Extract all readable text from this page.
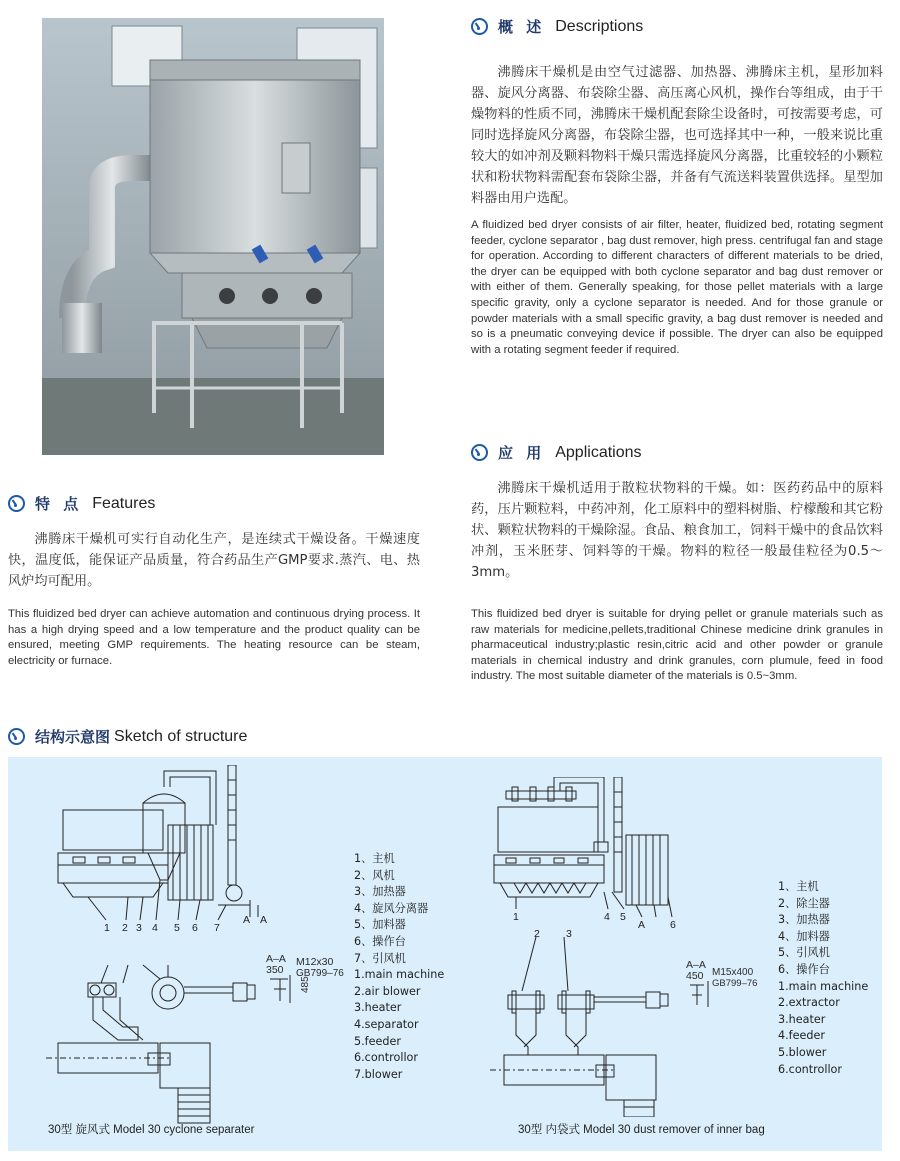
概 述 Descriptions

沸腾床干燥机是由空气过滤器、加热器、沸腾床主机，星形加料器、旋风分离器、布袋除尘器、高压离心风机，操作台等组成，由于干燥物料的性质不同，沸腾床干燥机配套除尘设备时，可按需要考虑，可同时选择旋风分离器，布袋除尘器，也可选择其中一种，一般来说比重较大的如冲剂及颗料物料干燥只需选择旋风分离器，比重较轻的小颗粒状和粉状物料需配套布袋除尘器，并备有气流送料装置供选择。星型加料器由用户选配。

A fluidized bed dryer consists of air filter, heater, fluidized bed, rotating segment feeder, cyclone separator , bag dust remover, high press. centrifugal fan and stage for operation. According to different characters of different materials to be dried, the dryer can be equipped with both cyclone separator and bag dust remover or with either of them. Generally speaking, for those pellet materials with a large specific gravity, only a cyclone separator is needed. And for those granule or powder materials with a small specific gravity, a bag dust remover is needed and so is a pneumatic conveying device if possible. The dryer can also be equipped with a rotating segment feeder if required.

应 用 Applications

沸腾床干燥机适用于散粒状物料的干燥。如：医药药品中的原料药，压片颗粒料，中药冲剂，化工原料中的塑料树脂、柠檬酸和其它粉状、颗粒状物料的干燥除湿。食品、粮食加工，饲料干燥中的食品饮料冲剂，玉米胚芽、饲料等的干燥。物料的粒径一般最佳粒径为0.5～3mm。

This fluidized bed dryer is suitable for drying pellet or granule materials such as raw materials for medicine,pellets,traditional Chinese medicine drink granules in pharmaceutical industry;plastic resin,citric acid and other powder or granule materials in chemical industry and drink granules, corn plumule, feed in food industry. The most suitable diameter of the materials is 0.5~3mm.

特 点 Features

沸腾床干燥机可实行自动化生产，是连续式干燥设备。干燥速度快，温度低，能保证产品质量，符合药品生产GMP要求.蒸汽、电、热风炉均可配用。

This fluidized bed dryer can achieve automation and continuous drying process. It has a high drying speed and a low temperature and the product quality can be ensured, meeting GMP requirements. The heating resource can be steam, electricity or furnace.

结构示意图 Sketch of structure
1 2 3 4 5 6 7
A A
A–A
350
M12x30
GB799–76
485
1、主机
2、风机
3、加热器
4、旋风分离器
5、加料器
6、操作台
7、引风机
1.main machine
2.air blower
3.heater
4.separator
5.feeder
6.controllor
7.blower
30型 旋风式 Model 30 cyclone separater
1	4 5
A 6
2 3
A–A
450 M15x400
GB799–76
1、主机
2、除尘器
3、加热器
4、加料器
5、引风机
6、操作台
1.main machine
2.extractor
3.heater
4.feeder
5.blower
6.controllor
30型 内袋式 Model 30 dust remover of inner bag
